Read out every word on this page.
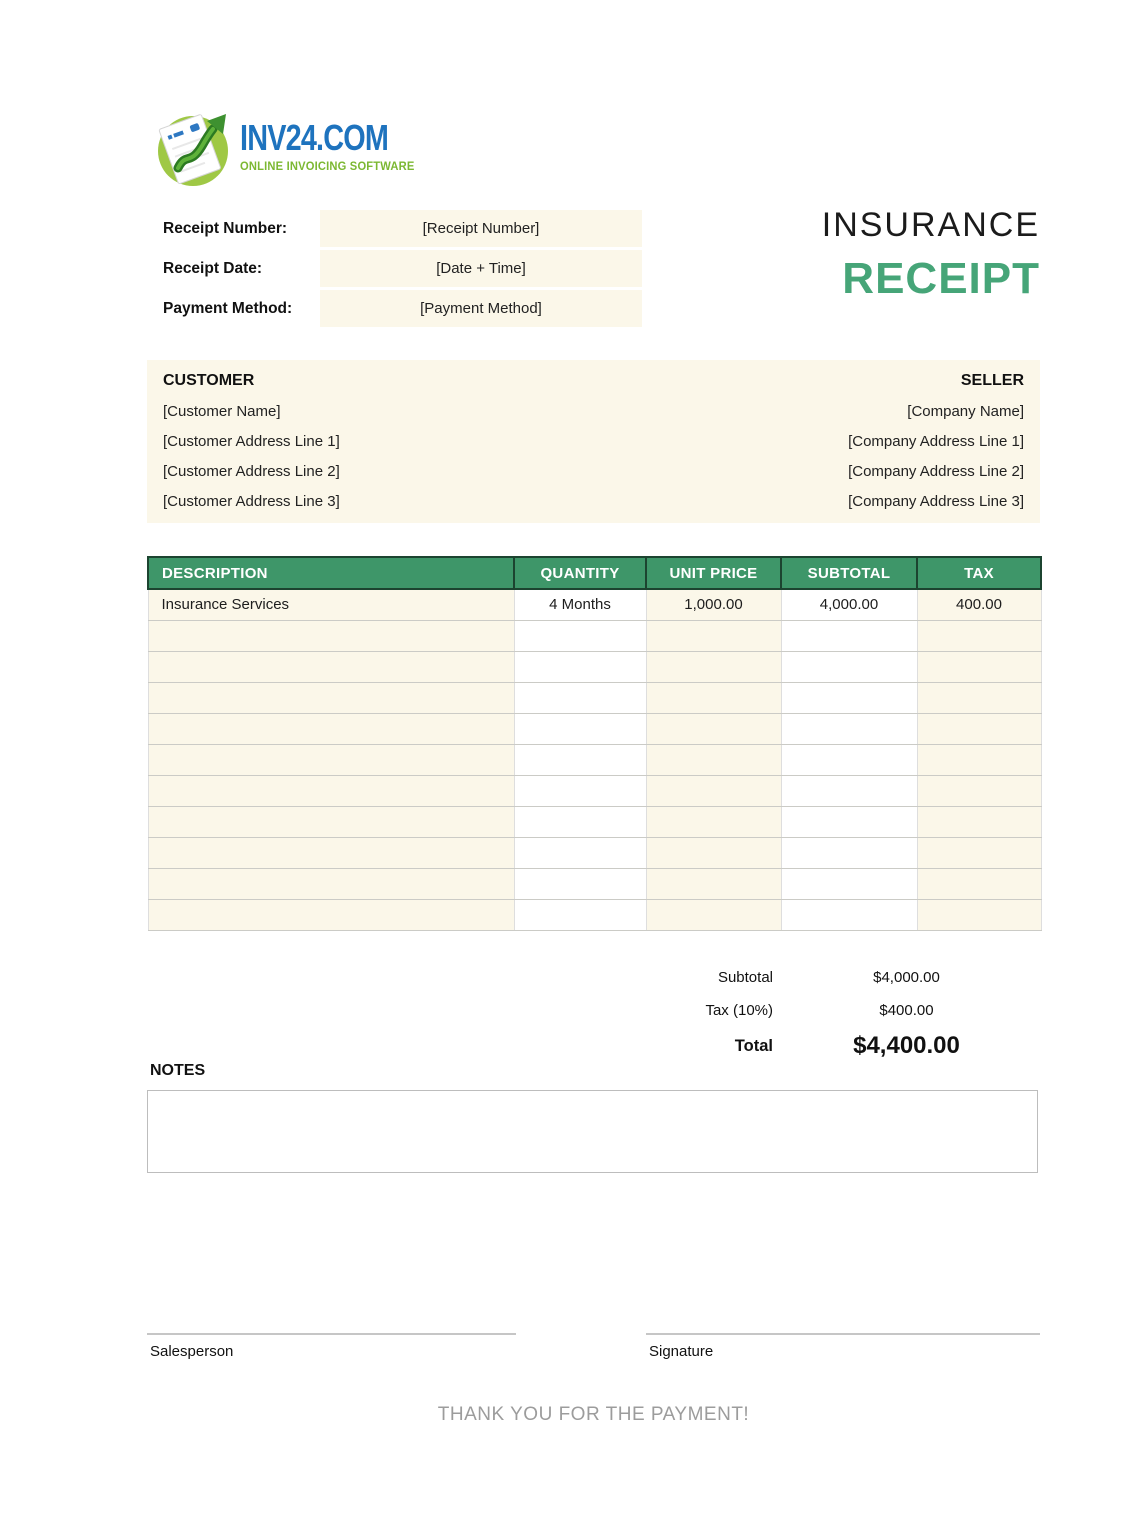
INV24.COM
ONLINE INVOICING SOFTWARE
Receipt Number:	[Receipt Number]
Receipt Date:	[Date + Time]
Payment Method:	[Payment Method]
INSURANCE
RECEIPT
CUSTOMER
[Customer Name]
[Customer Address Line 1]
[Customer Address Line 2]
[Customer Address Line 3]
SELLER
[Company Name]
[Company Address Line 1]
[Company Address Line 2]
[Company Address Line 3]
DESCRIPTION	QUANTITY	UNIT PRICE	SUBTOTAL	TAX
Insurance Services	4 Months	1,000.00	4,000.00	400.00

Subtotal	$4,000.00
Tax (10%)	$400.00
Total	$4,400.00
NOTES
Salesperson	Signature
THANK YOU FOR THE PAYMENT!
